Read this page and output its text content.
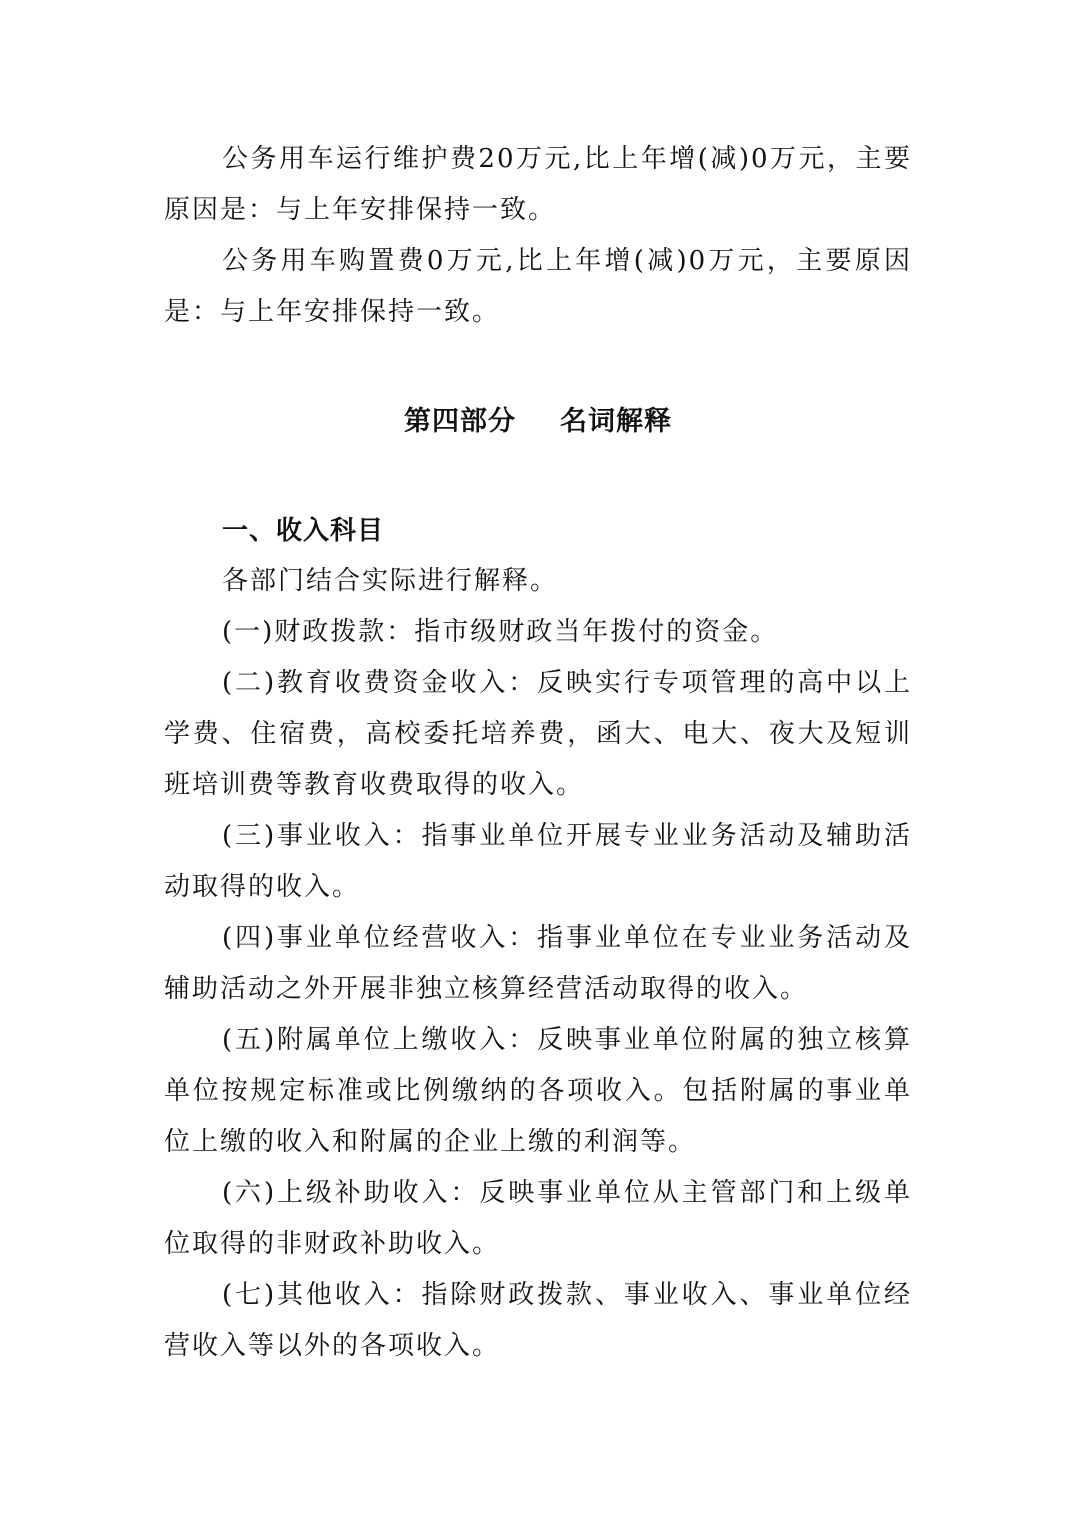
公务用车运行维护费20万元,比上年增(减)0万元，主要原因是：与上年安排保持一致。

公务用车购置费0万元,比上年增(减)0万元，主要原因是：与上年安排保持一致。

第四部分 名词解释
一、收入科目

各部门结合实际进行解释。

(一)财政拨款：指市级财政当年拨付的资金。

(二)教育收费资金收入：反映实行专项管理的高中以上学费、住宿费，高校委托培养费，函大、电大、夜大及短训班培训费等教育收费取得的收入。

(三)事业收入：指事业单位开展专业业务活动及辅助活动取得的收入。

(四)事业单位经营收入：指事业单位在专业业务活动及辅助活动之外开展非独立核算经营活动取得的收入。

(五)附属单位上缴收入：反映事业单位附属的独立核算单位按规定标准或比例缴纳的各项收入。包括附属的事业单位上缴的收入和附属的企业上缴的利润等。

(六)上级补助收入：反映事业单位从主管部门和上级单位取得的非财政补助收入。

(七)其他收入：指除财政拨款、事业收入、事业单位经营收入等以外的各项收入。
